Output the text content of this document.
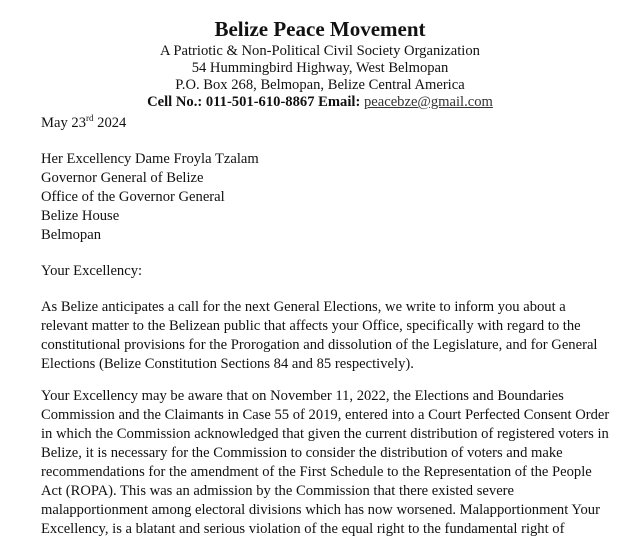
Belize Peace Movement
A Patriotic & Non-Political Civil Society Organization
54 Hummingbird Highway, West Belmopan
P.O. Box 268, Belmopan, Belize Central America
Cell No.: 011-501-610-8867 Email: peacebze@gmail.com
May 23rd 2024
Her Excellency Dame Froyla Tzalam
Governor General of Belize
Office of the Governor General
Belize House
Belmopan
Your Excellency:
As Belize anticipates a call for the next General Elections, we write to inform you about a
relevant matter to the Belizean public that affects your Office, specifically with regard to the
constitutional provisions for the Prorogation and dissolution of the Legislature, and for General
Elections (Belize Constitution Sections 84 and 85 respectively).
Your Excellency may be aware that on November 11, 2022, the Elections and Boundaries
Commission and the Claimants in Case 55 of 2019, entered into a Court Perfected Consent Order
in which the Commission acknowledged that given the current distribution of registered voters in
Belize, it is necessary for the Commission to consider the distribution of voters and make
recommendations for the amendment of the First Schedule to the Representation of the People
Act (ROPA). This was an admission by the Commission that there existed severe
malapportionment among electoral divisions which has now worsened. Malapportionment Your
Excellency, is a blatant and serious violation of the equal right to the fundamental right of
